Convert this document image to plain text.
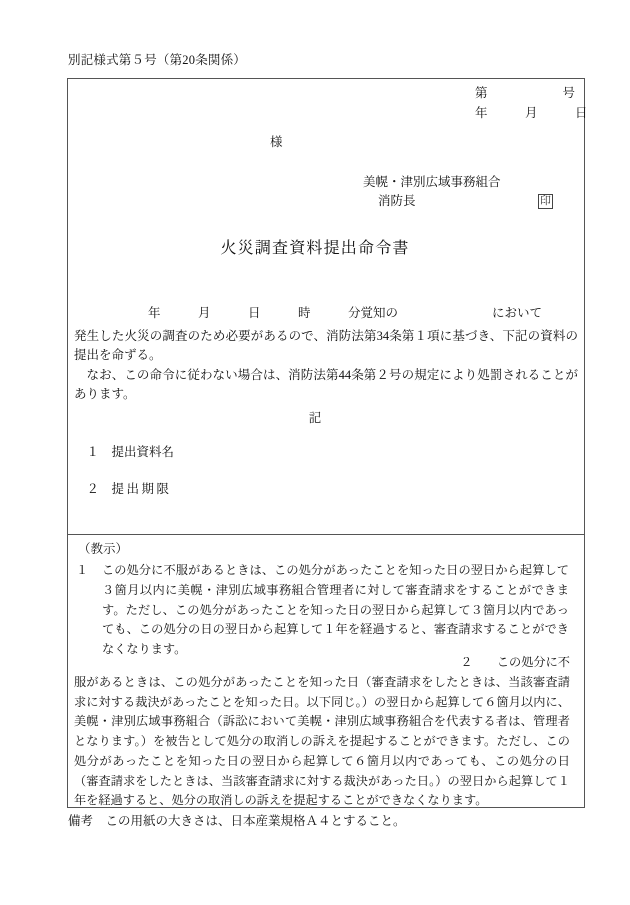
別記様式第５号（第20条関係）
第　　　　　　号
年　　　月　　　日
様
美幌・津別広域事務組合
消防長	印
火災調査資料提出命令書
年　　　月　　　日　　　時　　　分覚知の	において

発生した火災の調査のため必要があるので、消防法第34条第１項に基づき、下記の資料の提出を命ずる。

なお、この命令に従わない場合は、消防法第44条第２号の規定により処罰されることがあります。

記

１　 提出資料名

２　 提出期限

（教示）
１	この処分に不服があるときは、この処分があったことを知った日の翌日から起算して３箇月以内に美幌・津別広域事務組合管理者に対して審査請求をすることができます。ただし、この処分があったことを知った日の翌日から起算して３箇月以内であっても、この処分の日の翌日から起算して１年を経過すると、審査請求することができなくなります。
２　　この処分に不
服があるときは、この処分があったことを知った日（審査請求をしたときは、当該審査請求に対する裁決があったことを知った日。以下同じ。）の翌日から起算して６箇月以内に、美幌・津別広域事務組合（訴訟において美幌・津別広域事務組合を代表する者は、管理者となります。）を被告として処分の取消しの訴えを提起することができます。ただし、この処分があったことを知った日の翌日から起算して６箇月以内であっても、この処分の日（審査請求をしたときは、当該審査請求に対する裁決があった日。）の翌日から起算して１年を経過すると、処分の取消しの訴えを提起することができなくなります。
備考　この用紙の大きさは、日本産業規格Ａ４とすること。
